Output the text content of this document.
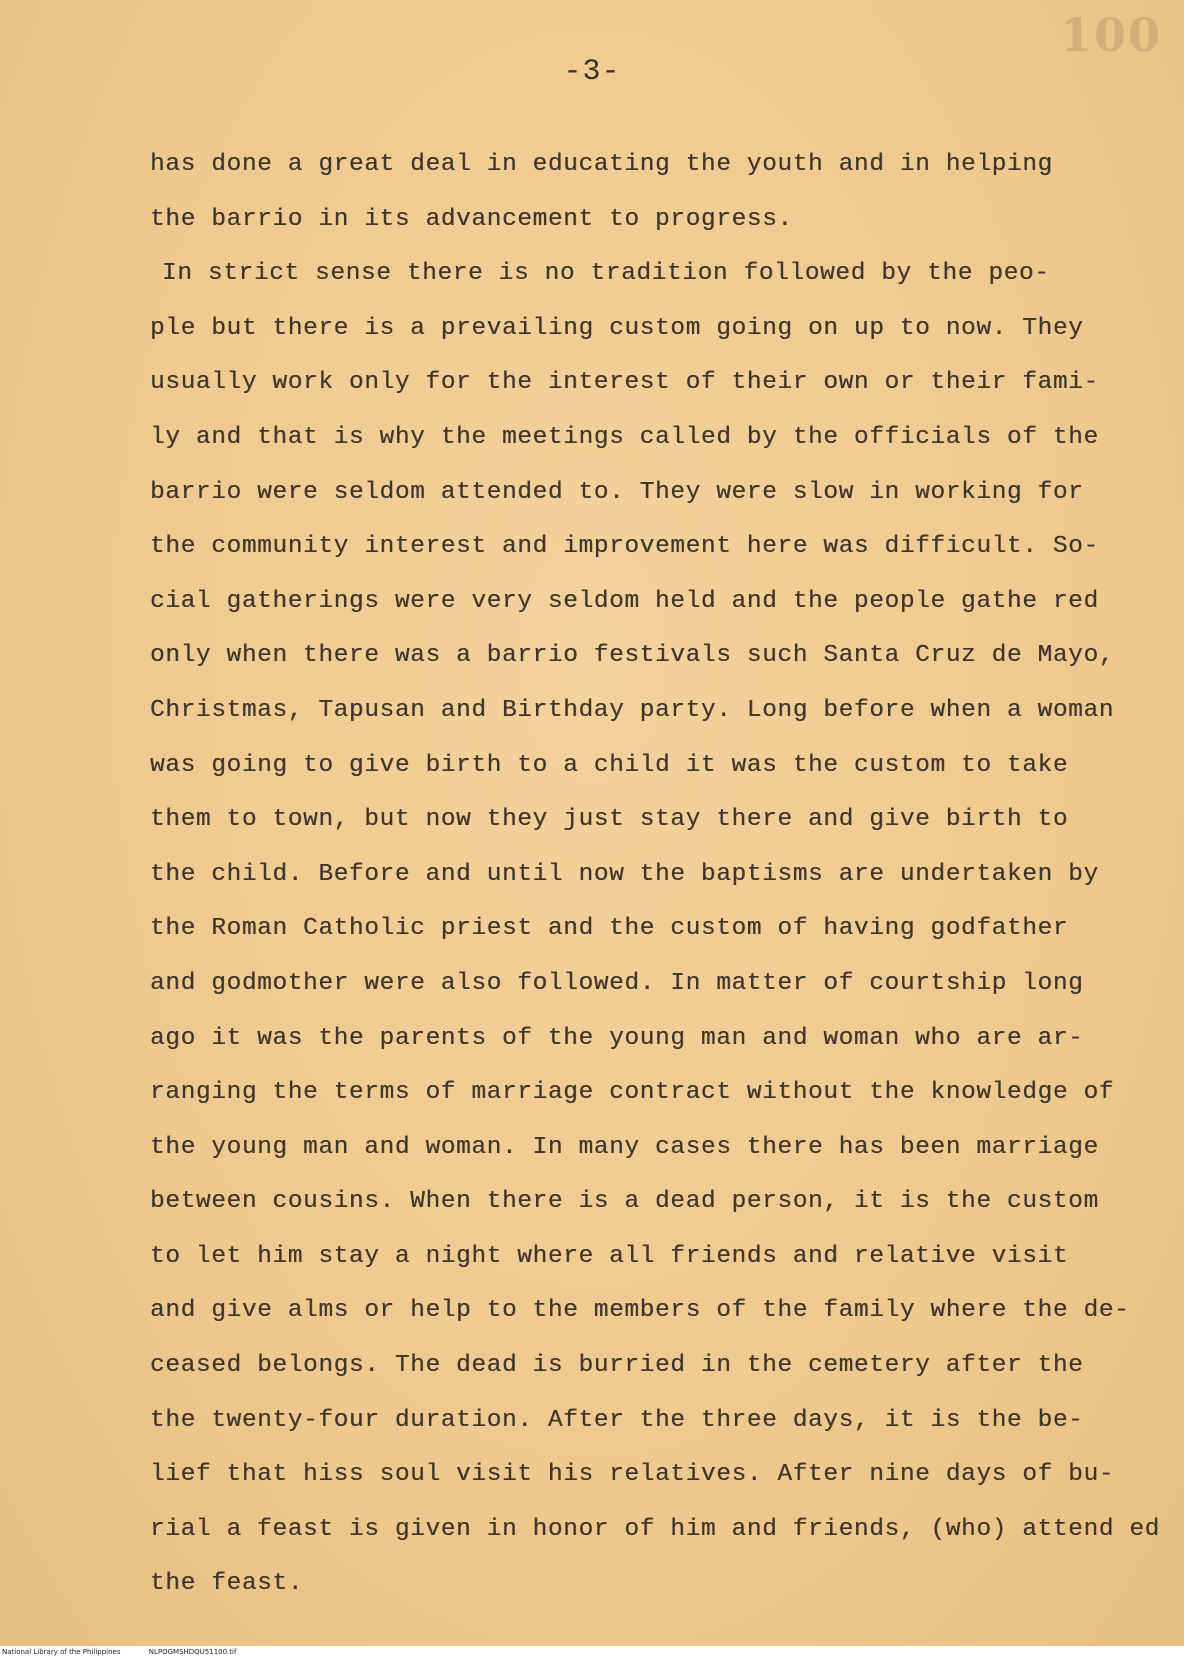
100
-3-
has done a great deal in educating the youth and in helping
the barrio in its advancement to progress.
In strict sense there is no tradition followed by the peo-
ple but there is a prevailing custom going on up to now. They
usually work only for the interest of their own or their fami-
ly and that is why the meetings called by the officials of the
barrio were seldom attended to. They were slow in working for
the community interest and improvement here was difficult. So-
cial gatherings were very seldom held and the people gathe red
only when there was a barrio festivals such Santa Cruz de Mayo,
Christmas, Tapusan and Birthday party. Long before when a woman
was going to give birth to a child it was the custom to take
them to town, but now they just stay there and give birth to
the child. Before and until now the baptisms are undertaken by
the Roman Catholic priest and the custom of having godfather
and godmother were also followed. In matter of courtship long
ago it was the parents of the young man and woman who are ar-
ranging the terms of marriage contract without the knowledge of
the young man and woman. In many cases there has been marriage
between cousins. When there is a dead person, it is the custom
to let him stay a night where all friends and relative visit
and give alms or help to the members of the family where the de-
ceased belongs. The dead is burried in the cemetery after the
the twenty-four duration. After the three days, it is the be-
lief that hiss soul visit his relatives. After nine days of bu-
rial a feast is given in honor of him and friends, (who) attend ed
the feast.
National Library of the Philippines	NLPOGMSHDQU51100.tif
